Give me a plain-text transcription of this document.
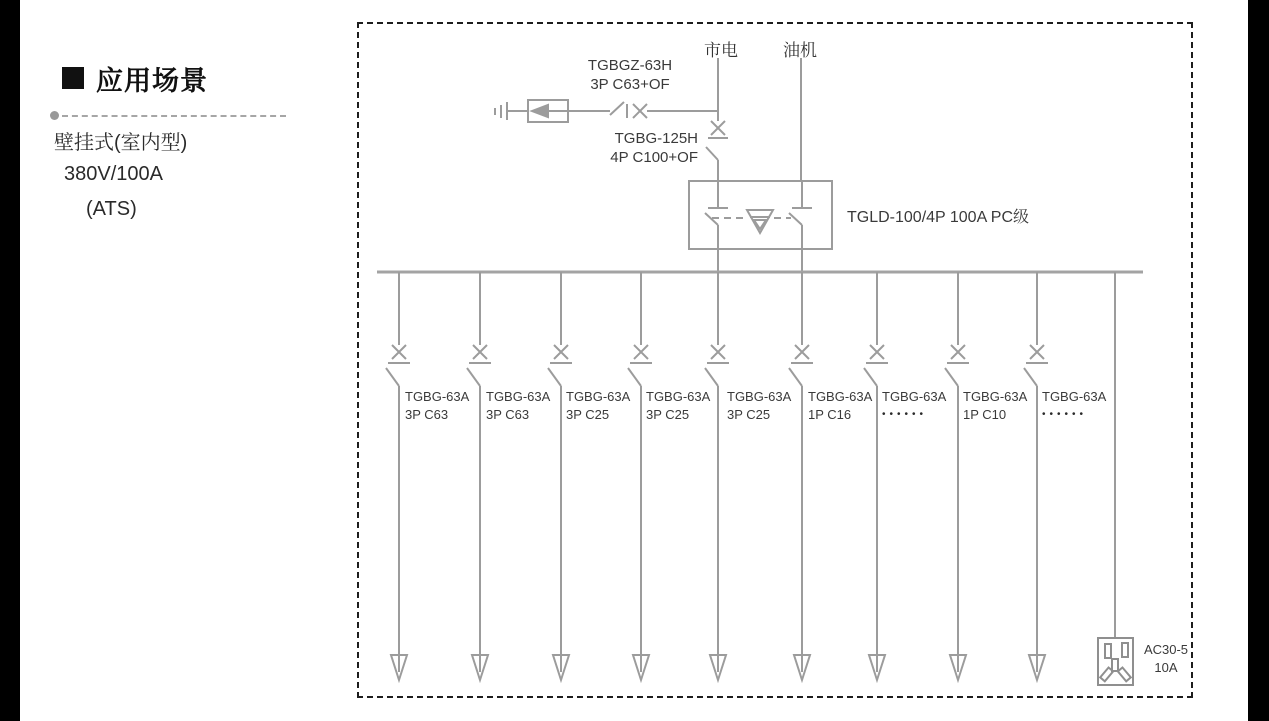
应用场景
壁挂式(室内型)
380V/100A
(ATS)
市电	油机
TGBGZ-63H
3P C63+OF
TGBG-125H
4P C100+OF
TGLD-100/4P 100A PC级
TGBG-63A
3P C63
TGBG-63A
3P C63
TGBG-63A
3P C25
TGBG-63A
3P C25
TGBG-63A
3P C25
TGBG-63A
1P C16
TGBG-63A
••••••
TGBG-63A
1P C10
TGBG-63A
••••••
AC30-5
10A
